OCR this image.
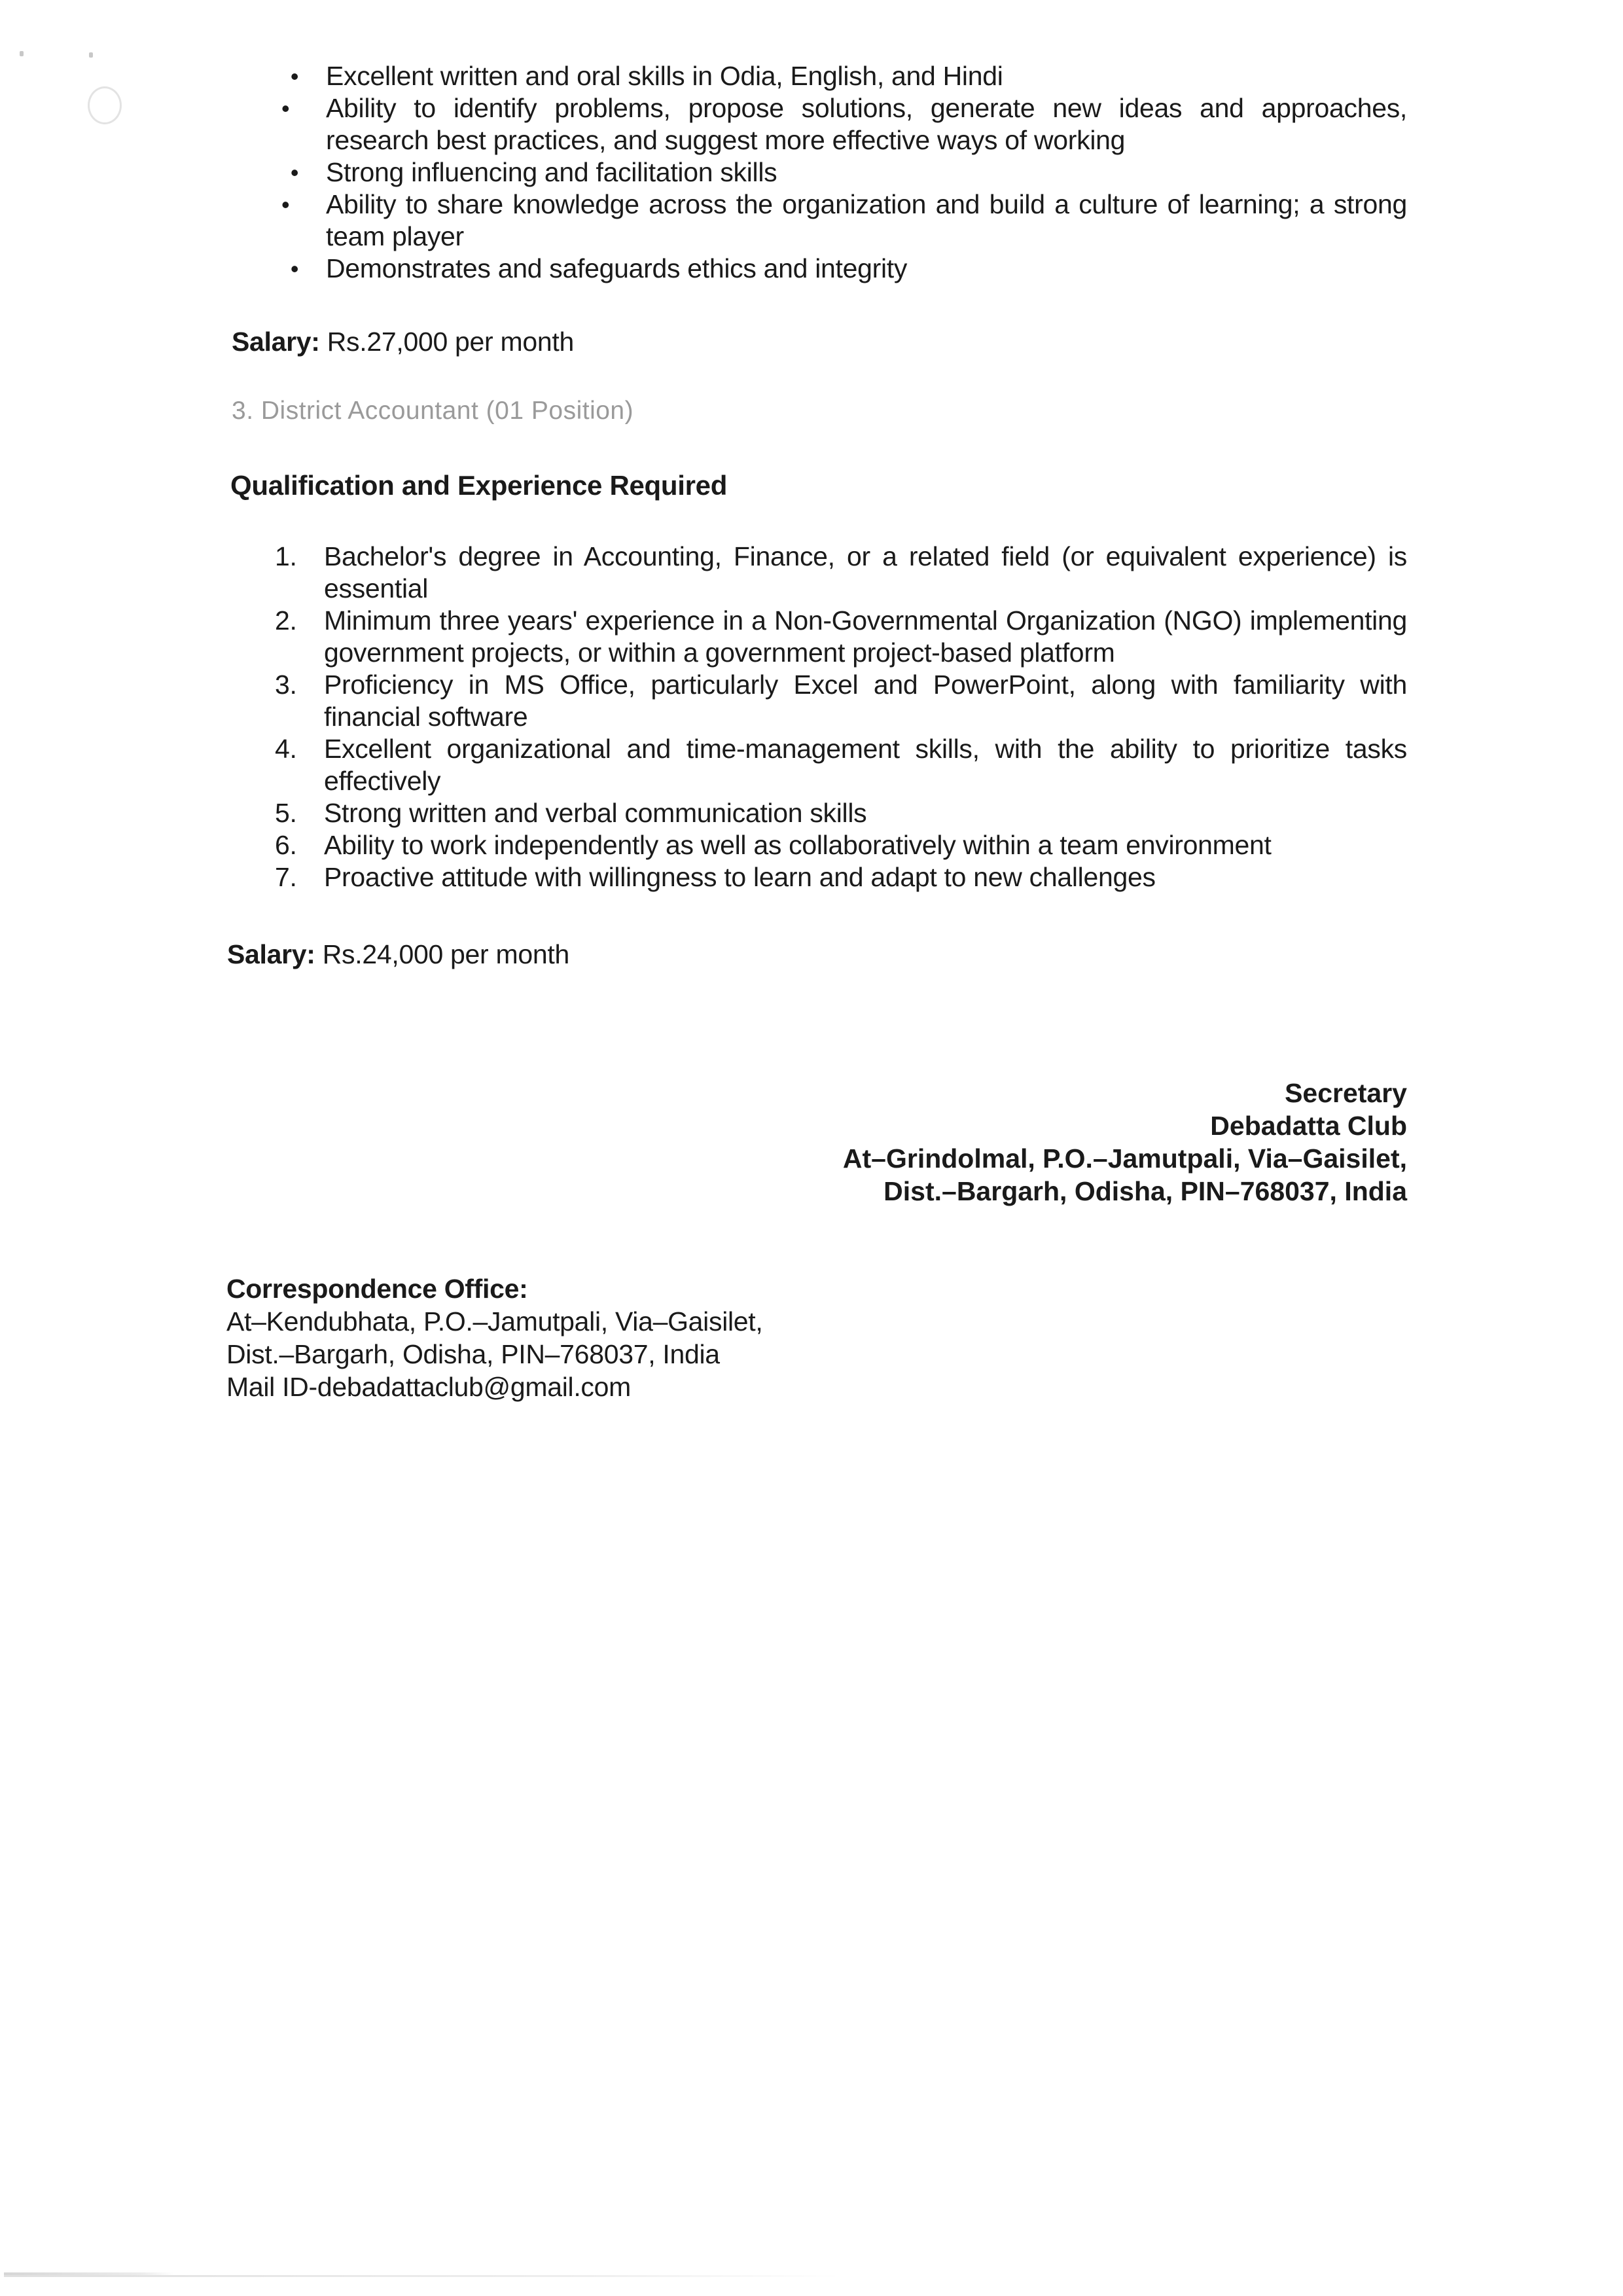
•	Excellent written and oral skills in Odia, English, and Hindi
•	Ability to identify problems, propose solutions, generate new ideas and approaches, research best practices, and suggest more effective ways of working
•	Strong influencing and facilitation skills
•	Ability to share knowledge across the organization and build a culture of learning; a strong team player
•	Demonstrates and safeguards ethics and integrity
Salary: Rs.27,000 per month
3. District Accountant (01 Position)
Qualification and Experience Required
1.	Bachelor's degree in Accounting, Finance, or a related field (or equivalent experience) is essential
2.	Minimum three years' experience in a Non-Governmental Organization (NGO) implementing government projects, or within a government project-based platform
3.	Proficiency in MS Office, particularly Excel and PowerPoint, along with familiarity with financial software
4.	Excellent organizational and time-management skills, with the ability to prioritize tasks effectively
5.	Strong written and verbal communication skills
6.	Ability to work independently as well as collaboratively within a team environment
7.	Proactive attitude with willingness to learn and adapt to new challenges
Salary: Rs.24,000 per month
Secretary
Debadatta Club
At–Grindolmal, P.O.–Jamutpali, Via–Gaisilet,
Dist.–Bargarh, Odisha, PIN–768037, India
Correspondence Office:
At–Kendubhata, P.O.–Jamutpali, Via–Gaisilet,
Dist.–Bargarh, Odisha, PIN–768037, India
Mail ID-debadattaclub@gmail.com
